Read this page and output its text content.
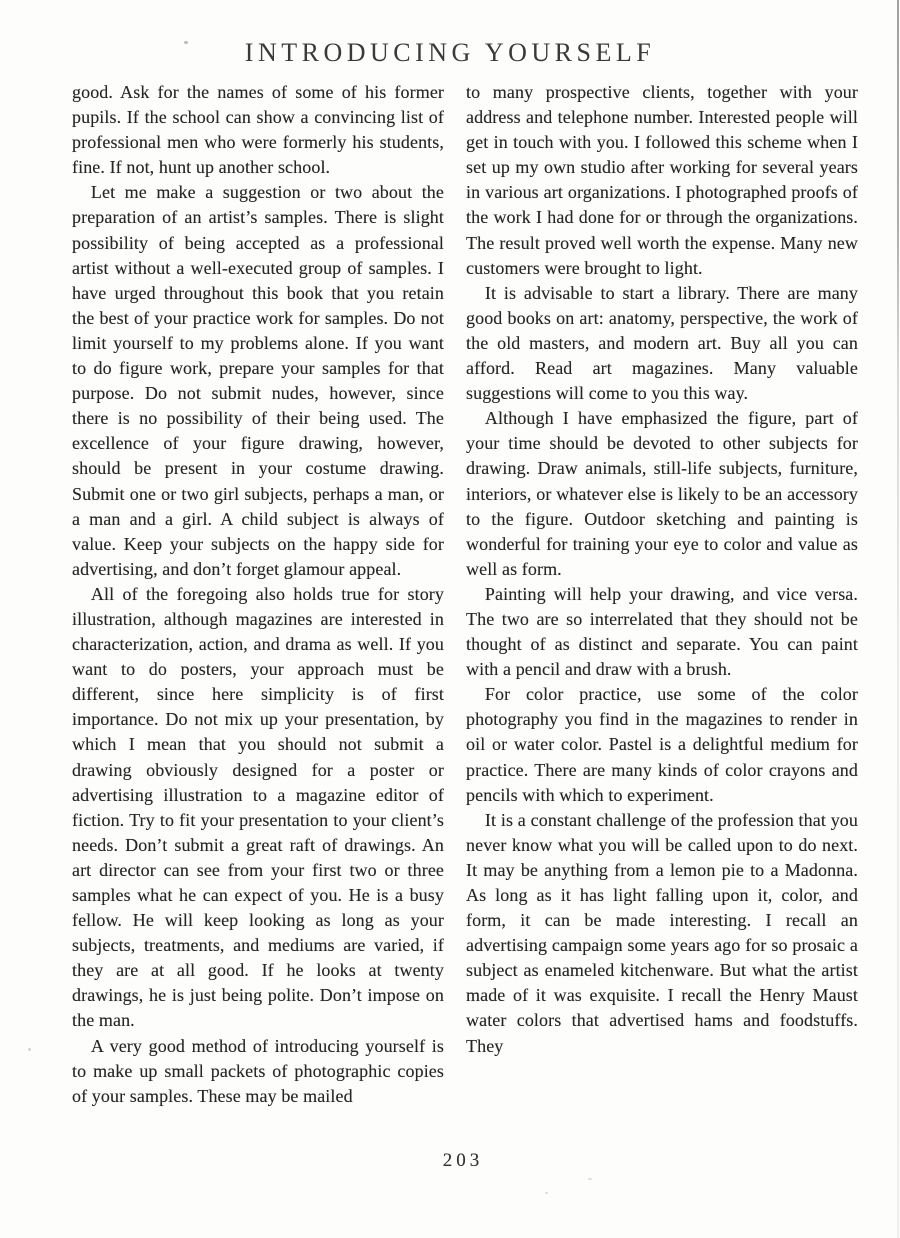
INTRODUCING YOURSELF

good. Ask for the names of some of his former pupils. If the school can show a convincing list of professional men who were formerly his students, fine. If not, hunt up another school.

Let me make a suggestion or two about the preparation of an artist’s samples. There is slight possibility of being accepted as a professional artist without a well-executed group of samples. I have urged throughout this book that you retain the best of your practice work for samples. Do not limit yourself to my problems alone. If you want to do figure work, prepare your samples for that purpose. Do not submit nudes, however, since there is no possibility of their being used. The excellence of your figure drawing, however, should be present in your costume drawing. Submit one or two girl subjects, perhaps a man, or a man and a girl. A child subject is always of value. Keep your subjects on the happy side for advertising, and don’t forget glamour appeal.

All of the foregoing also holds true for story illustration, although magazines are interested in characterization, action, and drama as well. If you want to do posters, your approach must be different, since here simplicity is of first importance. Do not mix up your presentation, by which I mean that you should not submit a drawing obviously designed for a poster or advertising illustration to a magazine editor of fiction. Try to fit your presentation to your client’s needs. Don’t submit a great raft of drawings. An art director can see from your first two or three samples what he can expect of you. He is a busy fellow. He will keep looking as long as your subjects, treatments, and mediums are varied, if they are at all good. If he looks at twenty drawings, he is just being polite. Don’t impose on the man.

A very good method of introducing yourself is to make up small packets of photographic copies of your samples. These may be mailed

to many prospective clients, together with your address and telephone number. Interested people will get in touch with you. I followed this scheme when I set up my own studio after working for several years in various art organizations. I photographed proofs of the work I had done for or through the organizations. The result proved well worth the expense. Many new customers were brought to light.

It is advisable to start a library. There are many good books on art: anatomy, perspective, the work of the old masters, and modern art. Buy all you can afford. Read art magazines. Many valuable suggestions will come to you this way.

Although I have emphasized the figure, part of your time should be devoted to other subjects for drawing. Draw animals, still-life subjects, furniture, interiors, or whatever else is likely to be an accessory to the figure. Outdoor sketching and painting is wonderful for training your eye to color and value as well as form.

Painting will help your drawing, and vice versa. The two are so interrelated that they should not be thought of as distinct and separate. You can paint with a pencil and draw with a brush.

For color practice, use some of the color photography you find in the magazines to render in oil or water color. Pastel is a delightful medium for practice. There are many kinds of color crayons and pencils with which to experiment.

It is a constant challenge of the profession that you never know what you will be called upon to do next. It may be anything from a lemon pie to a Madonna. As long as it has light falling upon it, color, and form, it can be made interesting. I recall an advertising campaign some years ago for so prosaic a subject as enameled kitchenware. But what the artist made of it was exquisite. I recall the Henry Maust water colors that advertised hams and foodstuffs. They

203
